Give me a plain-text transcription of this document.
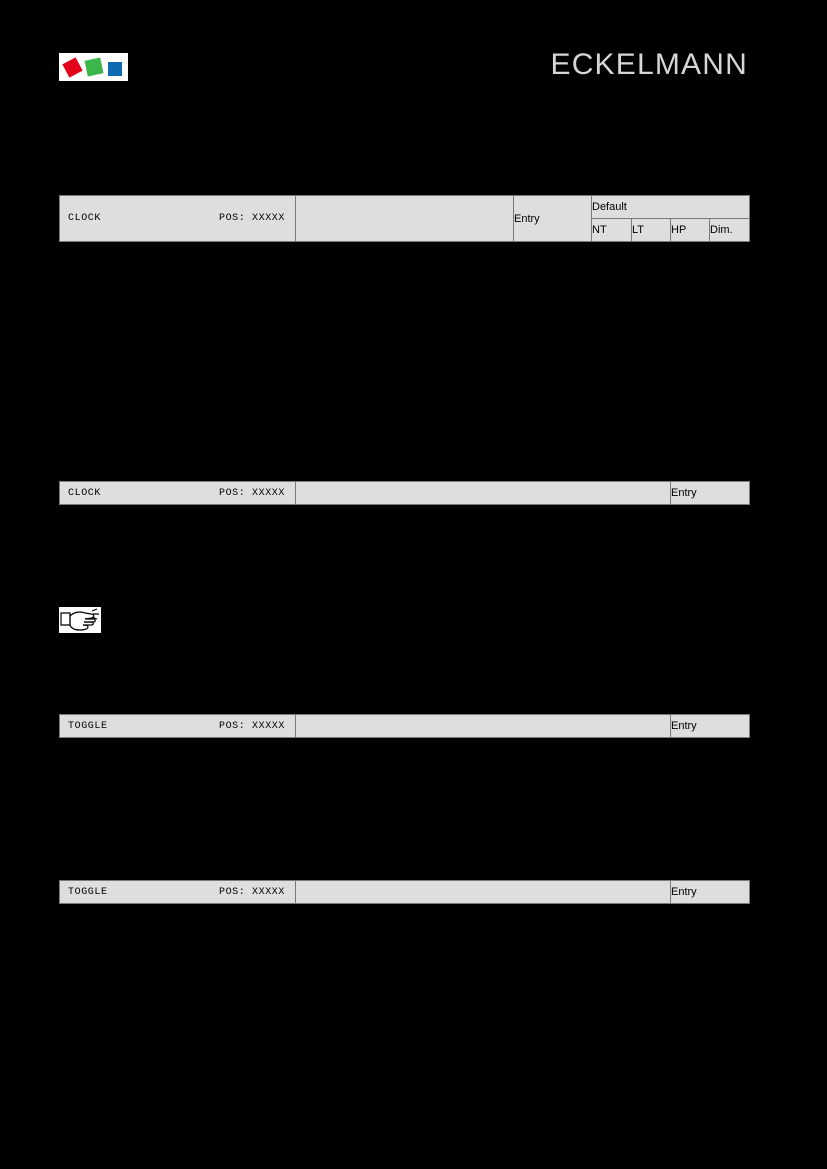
ECKELMANN
CLOCK POS: XXXXX		Entry	Default			
			NT	LT	HP	Dim.
CLOCK	POS: XXXXX		Entry
TOGGLE	POS: XXXXX		Entry
TOGGLE	POS: XXXXX		Entry
